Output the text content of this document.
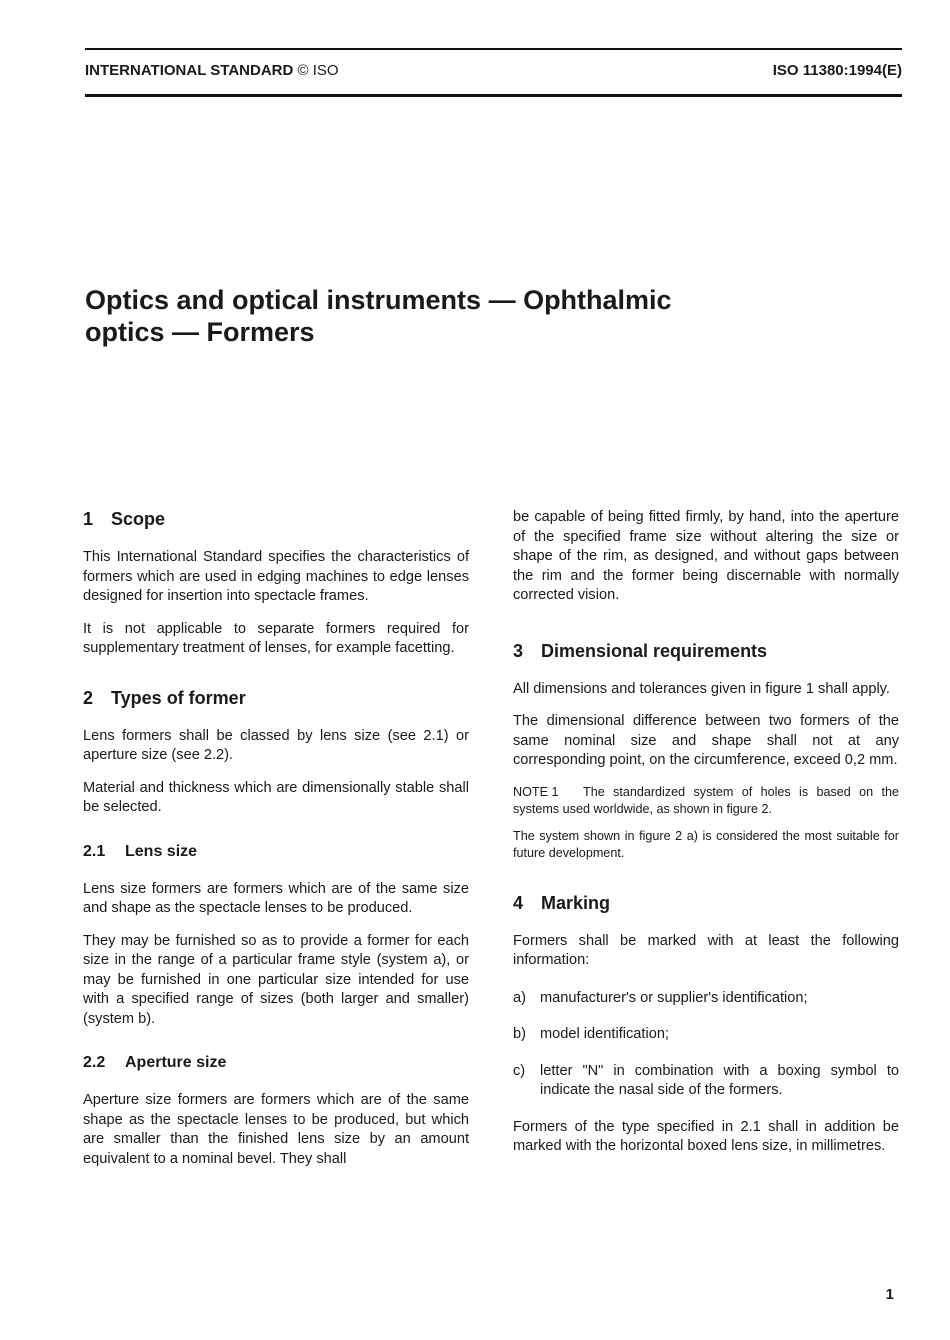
INTERNATIONAL STANDARD © ISO	ISO 11380:1994(E)
Optics and optical instruments — Ophthalmic
optics — Formers
1 Scope

This International Standard specifies the characteristics of formers which are used in edging machines to edge lenses designed for insertion into spectacle frames.

It is not applicable to separate formers required for supplementary treatment of lenses, for example facetting.

2 Types of former

Lens formers shall be classed by lens size (see 2.1) or aperture size (see 2.2).

Material and thickness which are dimensionally stable shall be selected.

2.1 Lens size

Lens size formers are formers which are of the same size and shape as the spectacle lenses to be produced.

They may be furnished so as to provide a former for each size in the range of a particular frame style (system a), or may be furnished in one particular size intended for use with a specified range of sizes (both larger and smaller) (system b).

2.2 Aperture size

Aperture size formers are formers which are of the same shape as the spectacle lenses to be produced, but which are smaller than the finished lens size by an amount equivalent to a nominal bevel. They shall

be capable of being fitted firmly, by hand, into the aperture of the specified frame size without altering the size or shape of the rim, as designed, and without gaps between the rim and the former being discernable with normally corrected vision.

3 Dimensional requirements

All dimensions and tolerances given in figure 1 shall apply.

The dimensional difference between two formers of the same nominal size and shape shall not at any corresponding point, on the circumference, exceed 0,2 mm.

NOTE 1 The standardized system of holes is based on the systems used worldwide, as shown in figure 2.
The system shown in figure 2 a) is considered the most suitable for future development.
4 Marking

Formers shall be marked with at least the following information:

a) manufacturer's or supplier's identification;
b) model identification;
c)	letter "N" in combination with a boxing symbol to indicate the nasal side of the formers.

Formers of the type specified in 2.1 shall in addition be marked with the horizontal boxed lens size, in millimetres.

1
